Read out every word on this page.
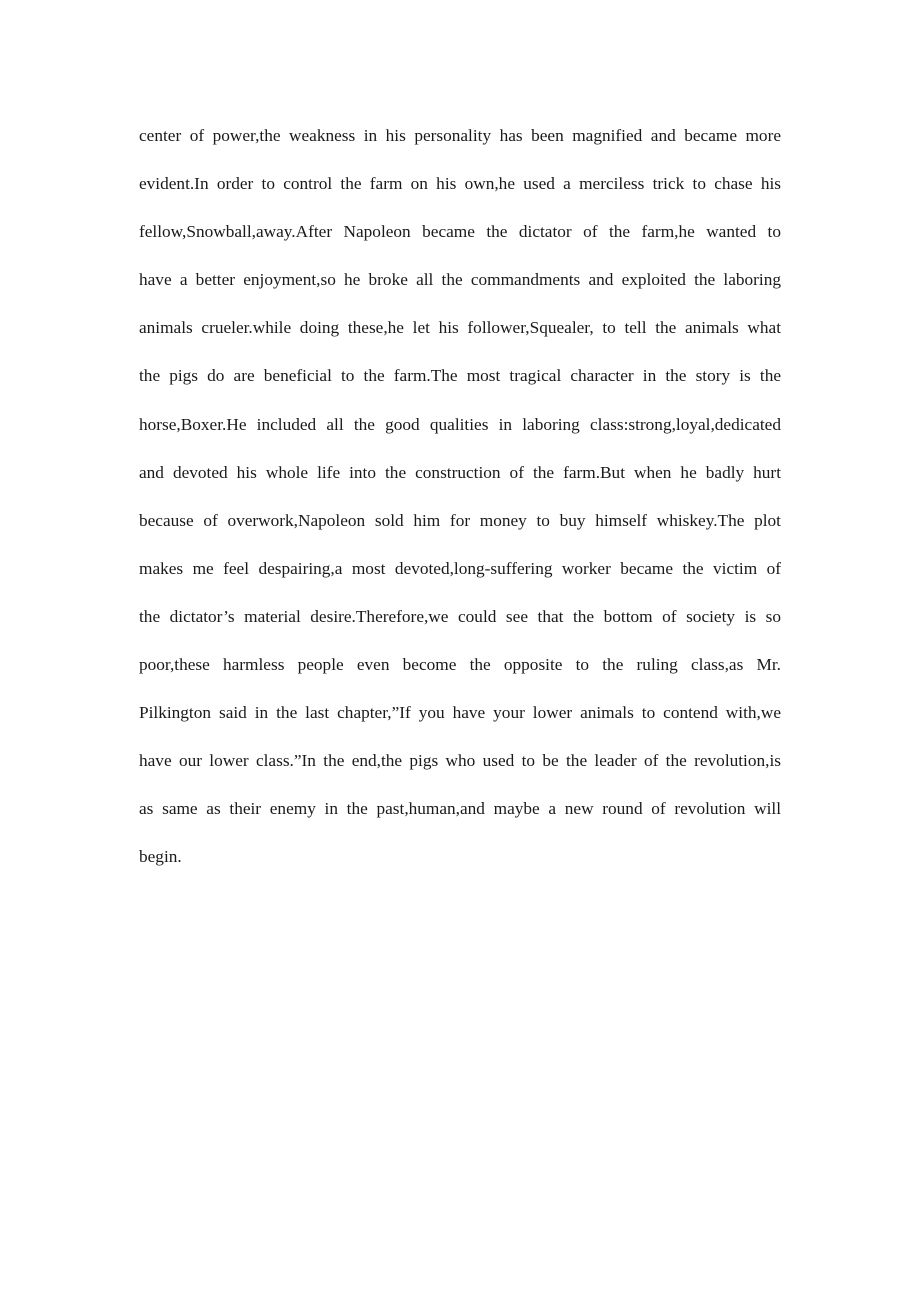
center of power,the weakness in his personality has been magnified and became more
evident.In order to control the farm on his own,he used a merciless trick to chase his
fellow,Snowball,away.After Napoleon became the dictator of the farm,he wanted to
have a better enjoyment,so he broke all the commandments and exploited the laboring
animals crueler.while doing these,he let his follower,Squealer, to tell the animals what
the pigs do are beneficial to the farm.The most tragical character in the story is the
horse,Boxer.He included all the good qualities in laboring class:strong,loyal,dedicated
and devoted his whole life into the construction of the farm.But when he badly hurt
because of overwork,Napoleon sold him for money to buy himself whiskey.The plot
makes me feel despairing,a most devoted,long-suffering worker became the victim of
the dictator’s material desire.Therefore,we could see that the bottom of society is so
poor,these harmless people even become the opposite to the ruling class,as Mr.
Pilkington said in the last chapter,”If you have your lower animals to contend with,we
have our lower class.”In the end,the pigs who used to be the leader of the revolution,is
as same as their enemy in the past,human,and maybe a new round of revolution will
begin.
